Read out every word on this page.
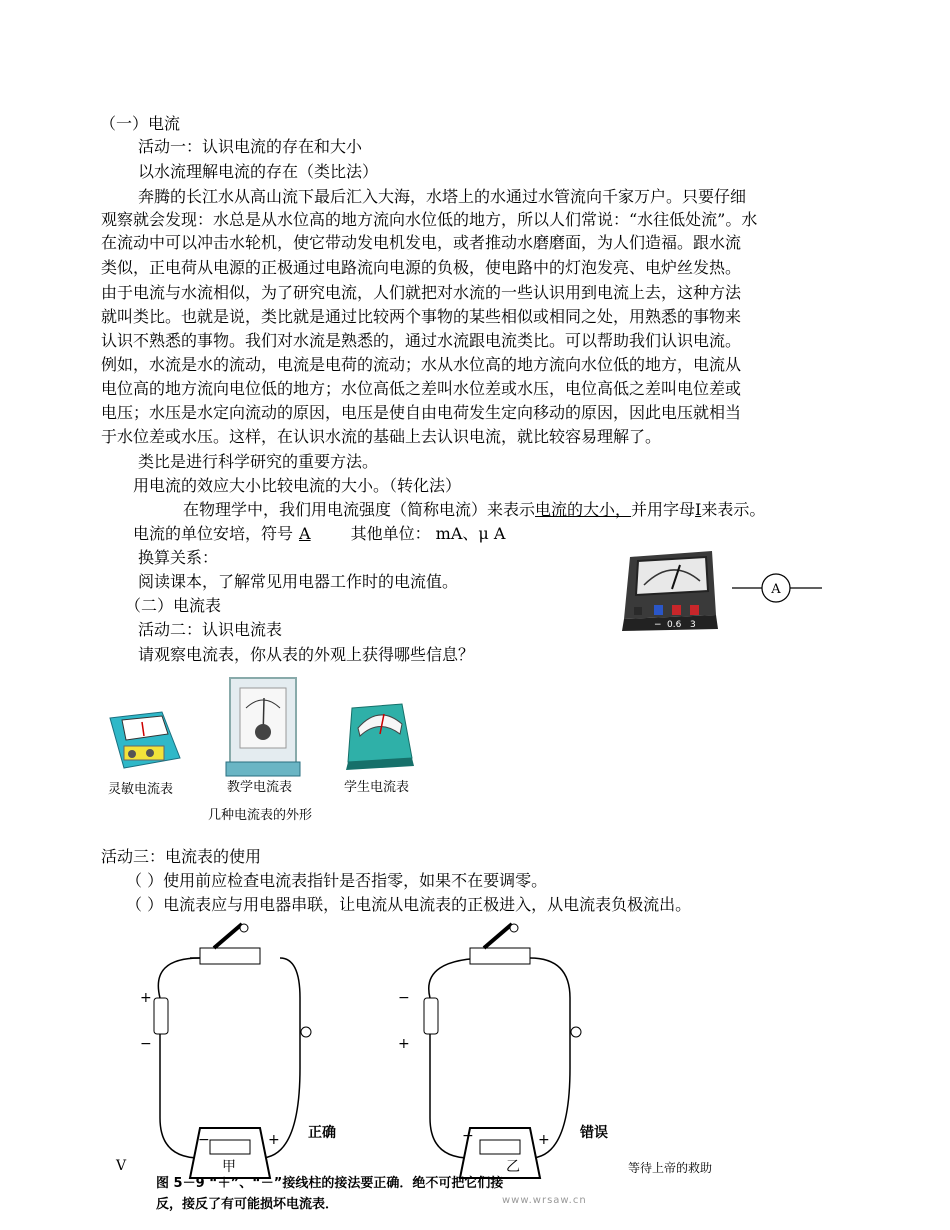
（一）电流
活动一：认识电流的存在和大小
以水流理解电流的存在（类比法）
奔腾的长江水从高山流下最后汇入大海，水塔上的水通过水管流向千家万户。只要仔细
观察就会发现：水总是从水位高的地方流向水位低的地方，所以人们常说：“水往低处流”。水
在流动中可以冲击水轮机，使它带动发电机发电，或者推动水磨磨面，为人们造福。跟水流
类似，正电荷从电源的正极通过电路流向电源的负极，使电路中的灯泡发亮、电炉丝发热。
由于电流与水流相似，为了研究电流，人们就把对水流的一些认识用到电流上去，这种方法
就叫类比。也就是说，类比就是通过比较两个事物的某些相似或相同之处，用熟悉的事物来
认识不熟悉的事物。我们对水流是熟悉的，通过水流跟电流类比。可以帮助我们认识电流。
例如，水流是水的流动，电流是电荷的流动；水从水位高的地方流向水位低的地方，电流从
电位高的地方流向电位低的地方；水位高低之差叫水位差或水压，电位高低之差叫电位差或
电压；水压是水定向流动的原因，电压是使自由电荷发生定向移动的原因，因此电压就相当
于水位差或水压。这样，在认识水流的基础上去认识电流，就比较容易理解了。
类比是进行科学研究的重要方法。
用电流的效应大小比较电流的大小。（转化法）
在物理学中，我们用电流强度（简称电流）来表示电流的大小，并用字母I来表示。
电流的单位安培，符号 A	其他单位： mA、μ A
换算关系：
阅读课本，了解常见用电器工作时的电流值。
（二）电流表
活动二：认识电流表
请观察电流表，你从表的外观上获得哪些信息？
− 0.6 3
A
灵敏电流表	教学电流表	学生电流表
几种电流表的外形
活动三：电流表的使用
（ ）使用前应检查电流表指针是否指零，如果不在要调零。
（ ）电流表应与用电器串联，让电流从电流表的正极进入，从电流表负极流出。
+
−
−	+
−
+
−	+
正确	错误
甲	乙
图 5－9 “＋”、“－”接线柱的接法要正确．绝不可把它们接
反，接反了有可能损坏电流表．	www.wrsaw.cn
V	等待上帝的救助
